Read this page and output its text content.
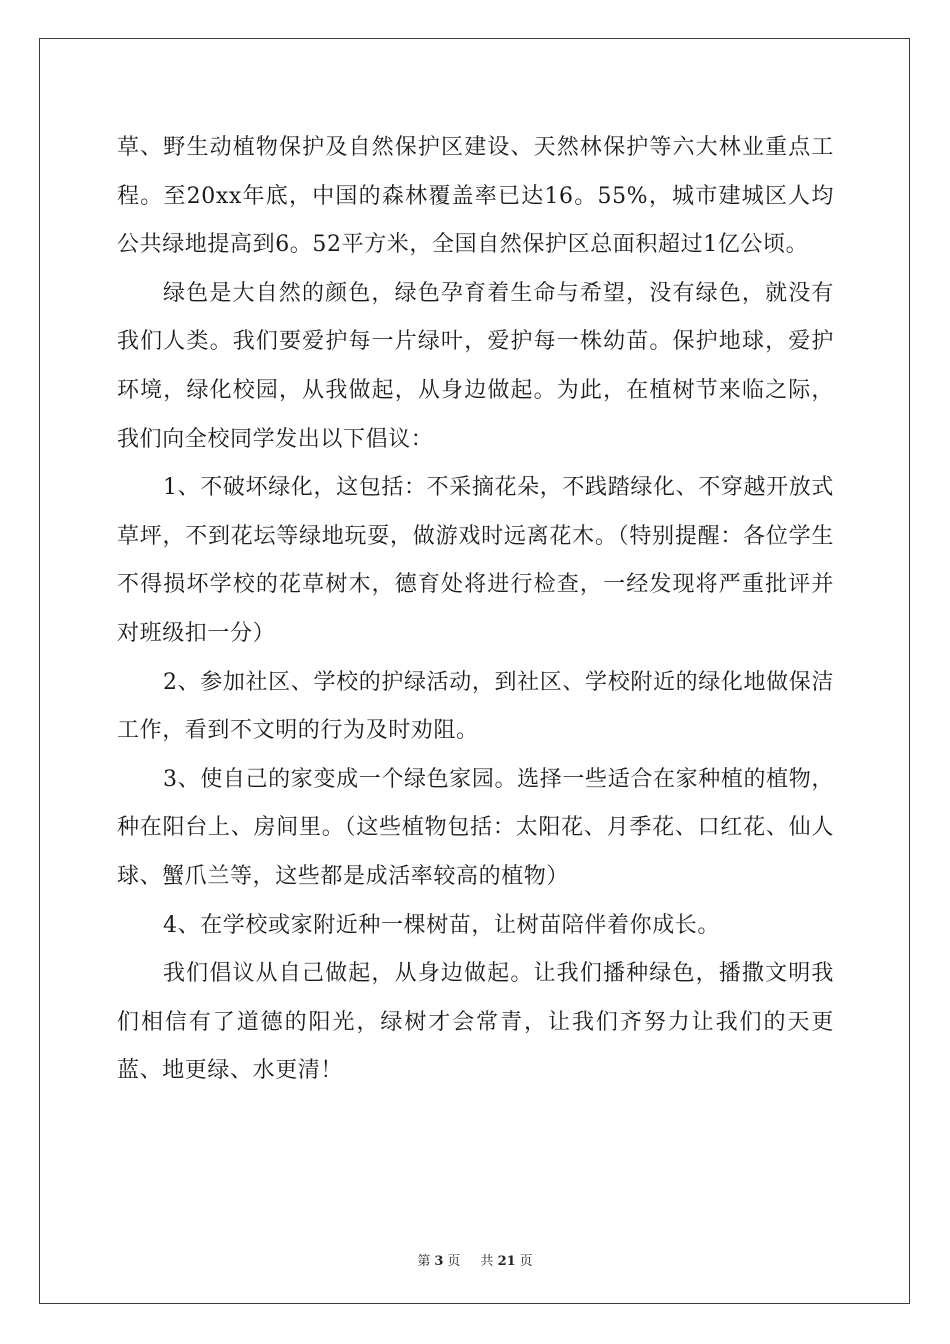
草、野生动植物保护及自然保护区建设、天然林保护等六大林业重点工程。至20xx年底，中国的森林覆盖率已达16。55%，城市建城区人均公共绿地提高到6。52平方米，全国自然保护区总面积超过1亿公顷。

绿色是大自然的颜色，绿色孕育着生命与希望，没有绿色，就没有我们人类。我们要爱护每一片绿叶，爱护每一株幼苗。保护地球，爱护环境，绿化校园，从我做起，从身边做起。为此，在植树节来临之际，我们向全校同学发出以下倡议：

1、不破坏绿化，这包括：不采摘花朵，不践踏绿化、不穿越开放式草坪，不到花坛等绿地玩耍，做游戏时远离花木。（特别提醒：各位学生不得损坏学校的花草树木，德育处将进行检查，一经发现将严重批评并对班级扣一分）

2、参加社区、学校的护绿活动，到社区、学校附近的绿化地做保洁工作，看到不文明的行为及时劝阻。

3、使自己的家变成一个绿色家园。选择一些适合在家种植的植物，种在阳台上、房间里。（这些植物包括：太阳花、月季花、口红花、仙人球、蟹爪兰等，这些都是成活率较高的植物）

4、在学校或家附近种一棵树苗，让树苗陪伴着你成长。

我们倡议从自己做起，从身边做起。让我们播种绿色，播撒文明我们相信有了道德的阳光，绿树才会常青，让我们齐努力让我们的天更蓝、地更绿、水更清！

第 3 页 共 21 页
